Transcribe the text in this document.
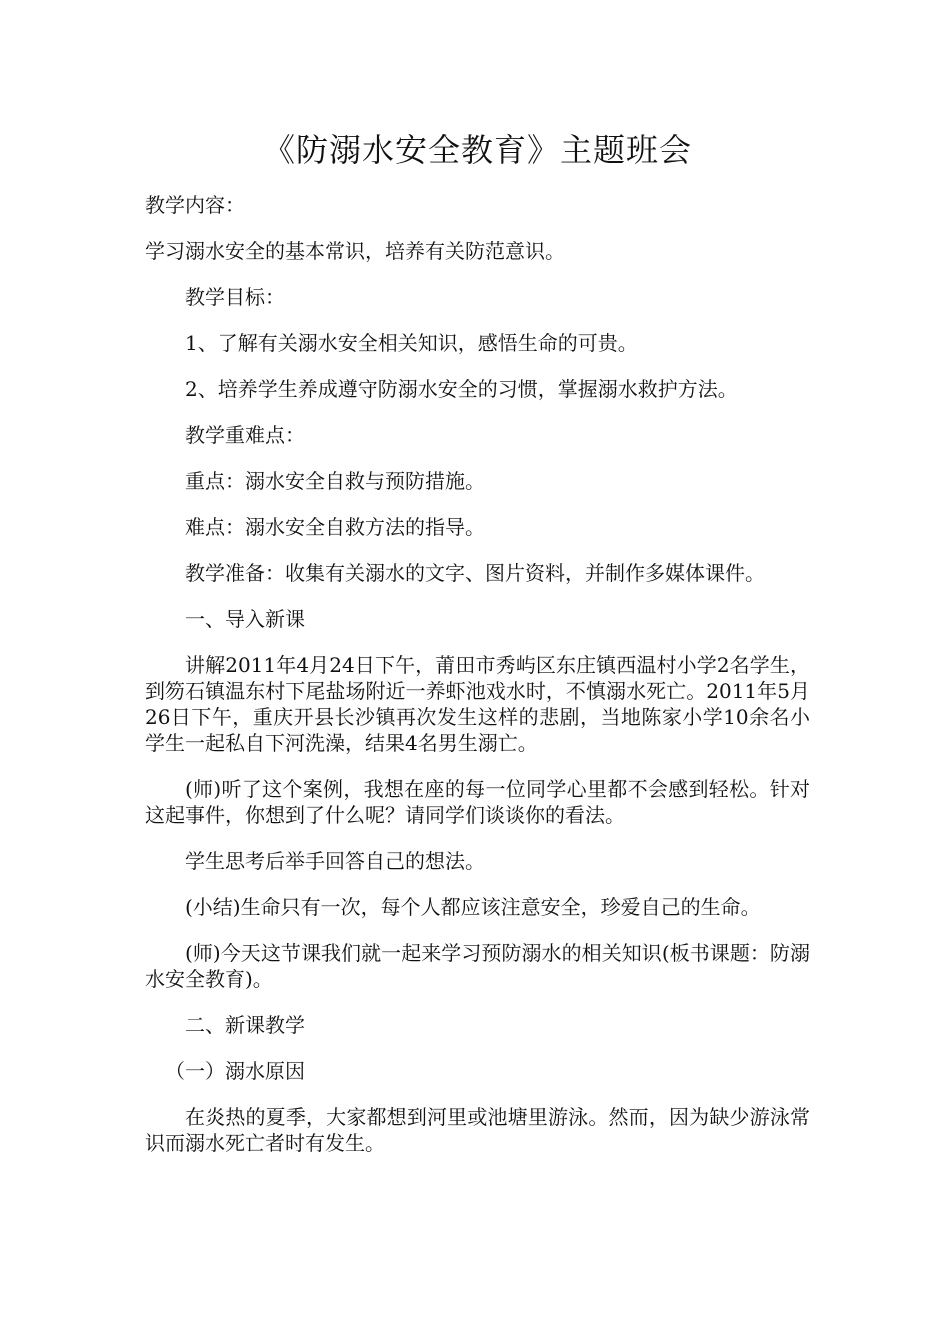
《防溺水安全教育》主题班会

教学内容：

学习溺水安全的基本常识，培养有关防范意识。

教学目标：

1、了解有关溺水安全相关知识，感悟生命的可贵。

2、培养学生养成遵守防溺水安全的习惯，掌握溺水救护方法。

教学重难点：

重点：溺水安全自救与预防措施。

难点：溺水安全自救方法的指导。

教学准备：收集有关溺水的文字、图片资料，并制作多媒体课件。

一、导入新课

讲解2011年4月24日下午，莆田市秀屿区东庄镇西温村小学2名学生，到笏石镇温东村下尾盐场附近一养虾池戏水时，不慎溺水死亡。2011年5月26日下午，重庆开县长沙镇再次发生这样的悲剧，当地陈家小学10余名小学生一起私自下河洗澡，结果4名男生溺亡。

(师)听了这个案例，我想在座的每一位同学心里都不会感到轻松。针对这起事件，你想到了什么呢？请同学们谈谈你的看法。

学生思考后举手回答自己的想法。

(小结)生命只有一次，每个人都应该注意安全，珍爱自己的生命。

(师)今天这节课我们就一起来学习预防溺水的相关知识(板书课题：防溺水安全教育)。

二、新课教学

（一）溺水原因

在炎热的夏季，大家都想到河里或池塘里游泳。然而，因为缺少游泳常识而溺水死亡者时有发生。
